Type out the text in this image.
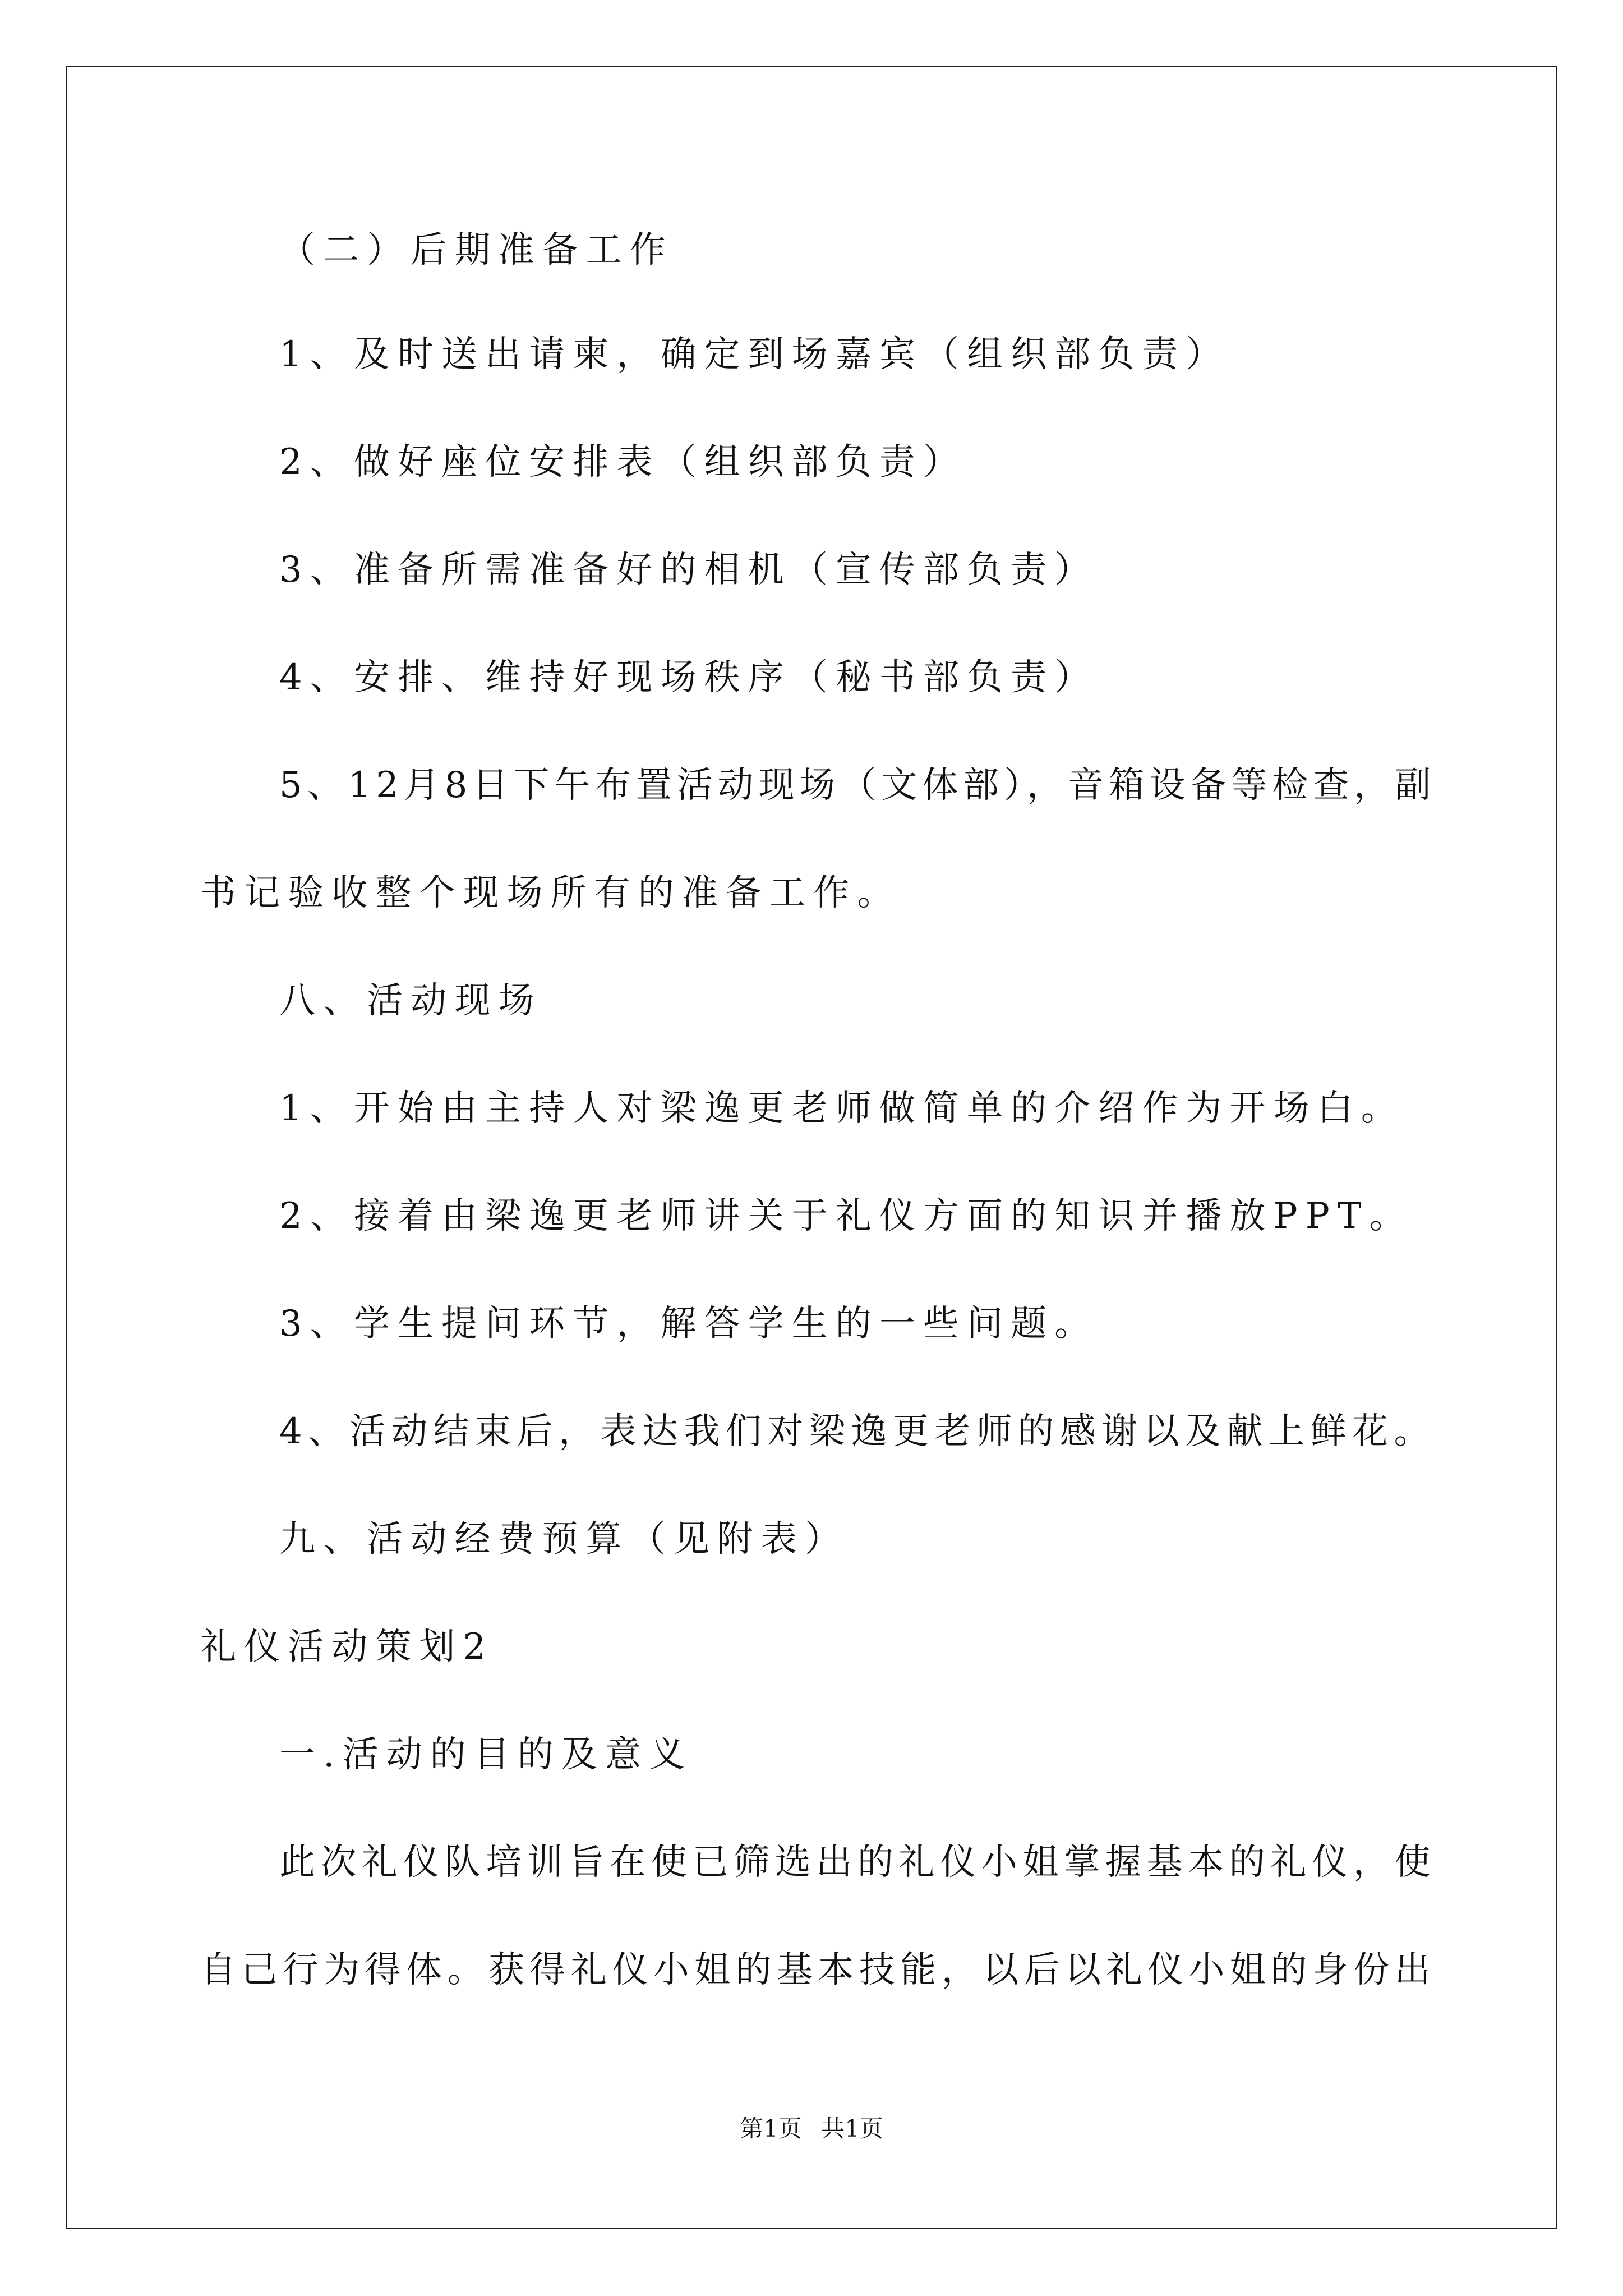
（二）后期准备工作
1、及时送出请柬，确定到场嘉宾（组织部负责）
2、做好座位安排表（组织部负责）
3、准备所需准备好的相机（宣传部负责）
4、安排、维持好现场秩序（秘书部负责）
5、12月8日下午布置活动现场（文体部），音箱设备等检查，副
书记验收整个现场所有的准备工作。
八、活动现场
1、开始由主持人对梁逸更老师做简单的介绍作为开场白。
2、接着由梁逸更老师讲关于礼仪方面的知识并播放PPT。
3、学生提问环节，解答学生的一些问题。
4、活动结束后，表达我们对梁逸更老师的感谢以及献上鲜花。
九、活动经费预算（见附表）
礼仪活动策划2
一.活动的目的及意义
此次礼仪队培训旨在使已筛选出的礼仪小姐掌握基本的礼仪，使
自己行为得体。获得礼仪小姐的基本技能，以后以礼仪小姐的身份出
第1页 共1页
